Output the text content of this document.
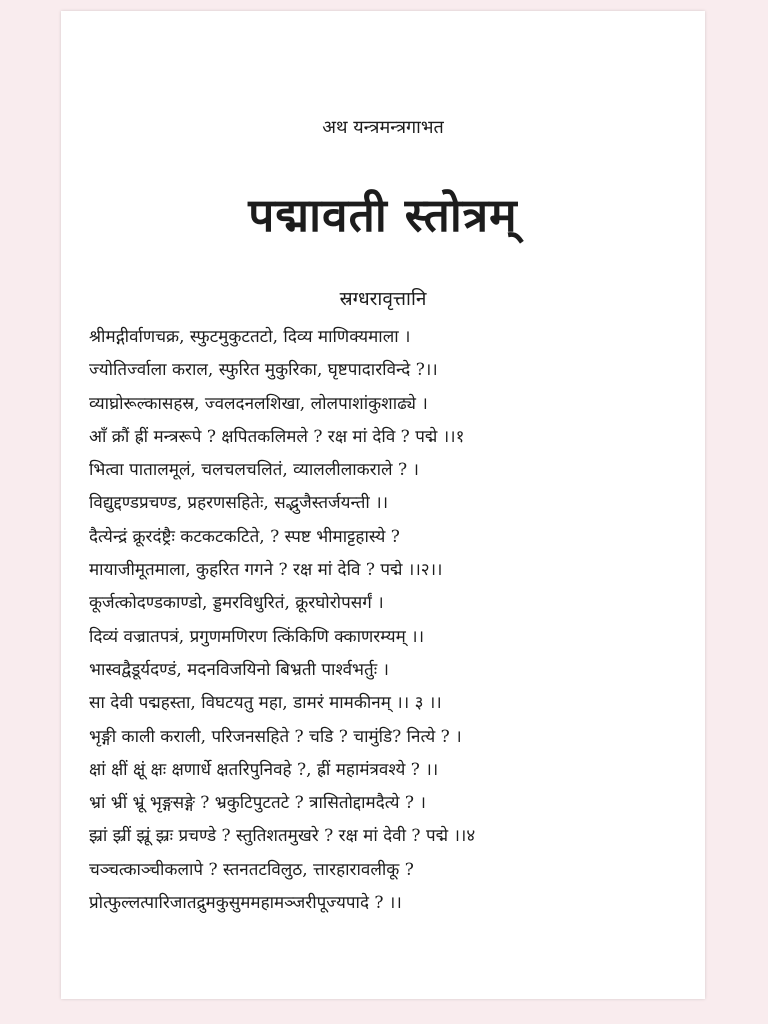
अथ यन्त्रमन्त्रगाभत
पद्मावती स्तोत्रम्
स्रग्धरावृत्तानि
श्रीमद्गीर्वाणचक्र, स्फुटमुकुटतटो, दिव्य माणिक्यमाला ।
ज्योतिर्ज्वाला कराल, स्फुरित मुकुरिका, घृष्टपादारविन्दे ?।।
व्याघ्रोरूल्कासहस्र, ज्वलदनलशिखा, लोलपाशांकुशाढ्ये ।
आँ क्रौं ह्रीं मन्त्ररूपे ? क्षपितकलिमले ? रक्ष मां देवि ? पद्मे ।।१
भित्वा पातालमूलं, चलचलचलितं, व्याललीलाकराले ? ।
विद्युद्दण्डप्रचण्ड, प्रहरणसहितेः, सद्भुजैस्तर्जयन्ती ।।
दैत्येन्द्रं क्रूरदंष्ट्रैः कटकटकटिते, ? स्पष्ट भीमाट्टहास्ये ?
मायाजीमूतमाला, कुहरित गगने ? रक्ष मां देवि ? पद्मे ।।२।।
कूर्जत्कोदण्डकाण्डो, ड्डमरविधुरितं, क्रूरघोरोपसर्गं ।
दिव्यं वज्रातपत्रं, प्रगुणमणिरण त्किंकिणि क्काणरम्यम् ।।
भास्वद्वैडूर्यदण्डं, मदनविजयिनो बिभ्रती पार्श्वभर्तुः ।
सा देवी पद्महस्ता, विघटयतु महा, डामरं मामकीनम् ।। ३ ।।
भृङ्गी काली कराली, परिजनसहिते ? चडि ? चामुंडि? नित्ये ? ।
क्षां क्षीं क्षूं क्षः क्षणार्धे क्षतरिपुनिवहे ?, ह्रीं महामंत्रवश्ये ? ।।
भ्रां भ्रीं भ्रूं भृङ्गसङ्गे ? भ्रकुटिपुटतटे ? त्रासितोद्दामदैत्ये ? ।
झ्रां झ्रीं झ्रूं झ्रः प्रचण्डे ? स्तुतिशतमुखरे ? रक्ष मां देवी ? पद्मे ।।४
चञ्चत्काञ्चीकलापे ? स्तनतटविलुठ, त्तारहारावलीकू ?
प्रोत्फुल्लत्पारिजातद्रुमकुसुममहामञ्जरीपूज्यपादे ? ।।
